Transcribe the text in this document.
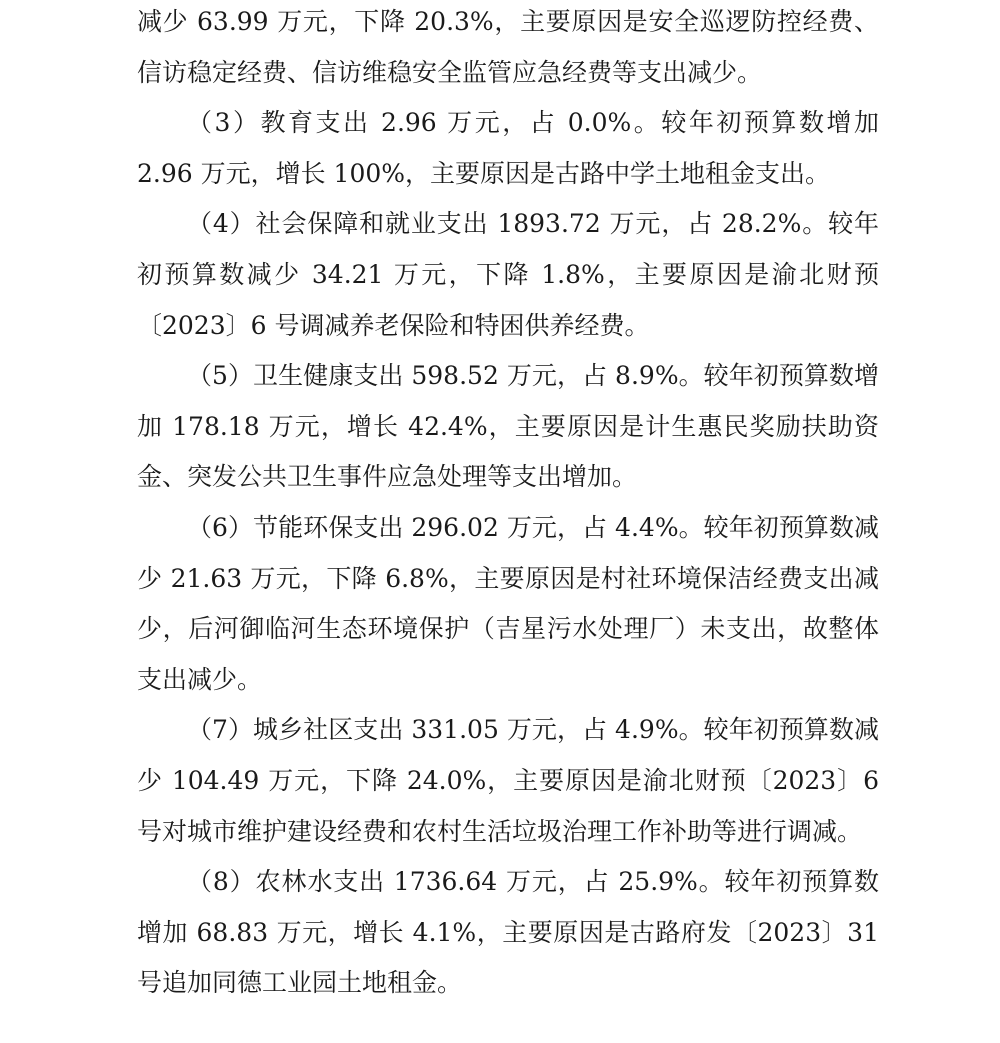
减少 63.99 万元，下降 20.3%，主要原因是安全巡逻防控经费、信访稳定经费、信访维稳安全监管应急经费等支出减少。

（3）教育支出 2.96 万元，占 0.0%。较年初预算数增加 2.96 万元，增长 100%，主要原因是古路中学土地租金支出。

（4）社会保障和就业支出 1893.72 万元，占 28.2%。较年初预算数减少 34.21 万元，下降 1.8%，主要原因是渝北财预〔2023〕6 号调减养老保险和特困供养经费。

（5）卫生健康支出 598.52 万元，占 8.9%。较年初预算数增加 178.18 万元，增长 42.4%，主要原因是计生惠民奖励扶助资金、突发公共卫生事件应急处理等支出增加。

（6）节能环保支出 296.02 万元，占 4.4%。较年初预算数减少 21.63 万元，下降 6.8%，主要原因是村社环境保洁经费支出减少，后河御临河生态环境保护（吉星污水处理厂）未支出，故整体支出减少。

（7）城乡社区支出 331.05 万元，占 4.9%。较年初预算数减少 104.49 万元，下降 24.0%，主要原因是渝北财预〔2023〕6 号对城市维护建设经费和农村生活垃圾治理工作补助等进行调减。

（8）农林水支出 1736.64 万元，占 25.9%。较年初预算数增加 68.83 万元，增长 4.1%，主要原因是古路府发〔2023〕31 号追加同德工业园土地租金。
